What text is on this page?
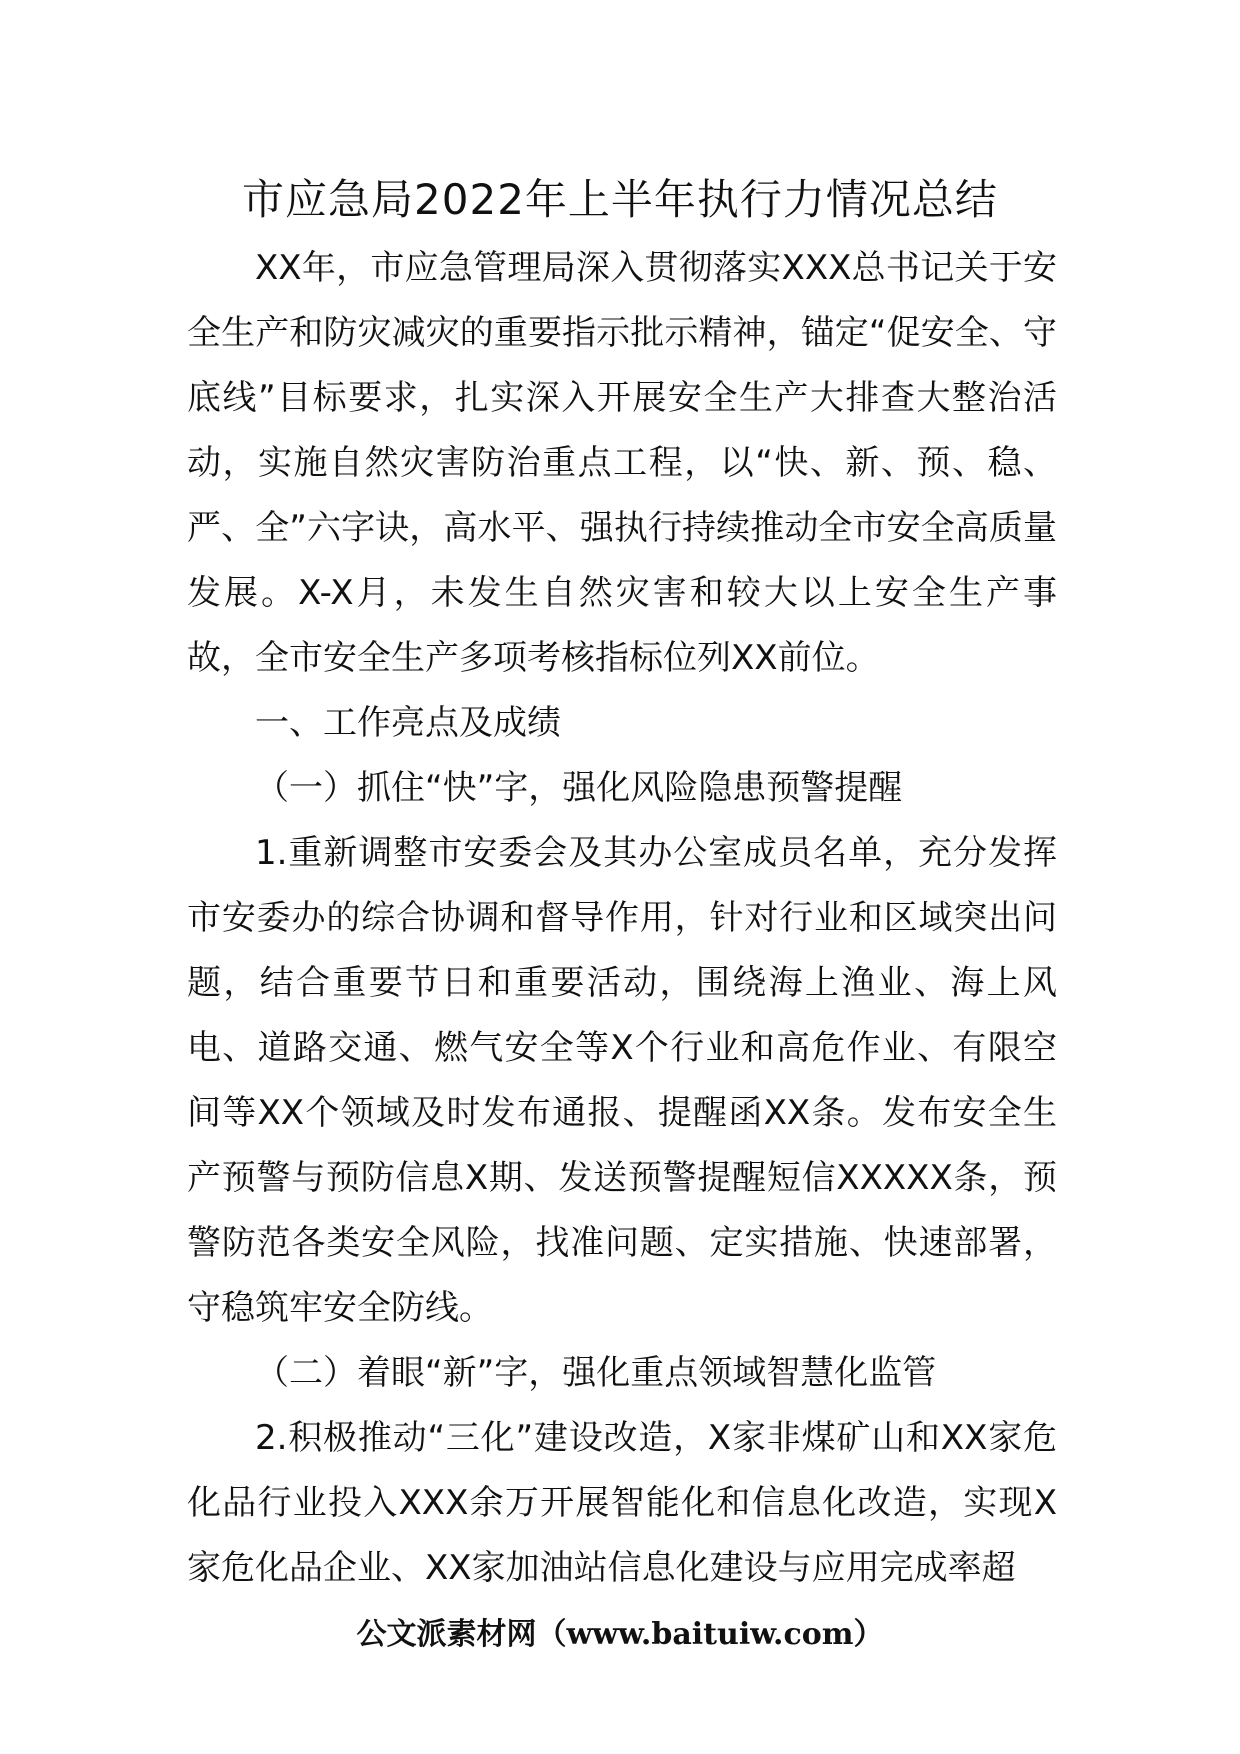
市应急局2022年上半年执行力情况总结

XX年，市应急管理局深入贯彻落实XXX总书记关于安全生产和防灾减灾的重要指示批示精神，锚定“促安全、守底线”目标要求，扎实深入开展安全生产大排查大整治活动，实施自然灾害防治重点工程，以“快、新、预、稳、严、全”六字诀，高水平、强执行持续推动全市安全高质量发展。X-X月，未发生自然灾害和较大以上安全生产事故，全市安全生产多项考核指标位列XX前位。

一、工作亮点及成绩

（一）抓住“快”字，强化风险隐患预警提醒

1.重新调整市安委会及其办公室成员名单，充分发挥市安委办的综合协调和督导作用，针对行业和区域突出问题，结合重要节日和重要活动，围绕海上渔业、海上风电、道路交通、燃气安全等X个行业和高危作业、有限空间等XX个领域及时发布通报、提醒函XX条。发布安全生产预警与预防信息X期、发送预警提醒短信XXXXX条，预警防范各类安全风险，找准问题、定实措施、快速部署，守稳筑牢安全防线。

（二）着眼“新”字，强化重点领域智慧化监管

2.积极推动“三化”建设改造，X家非煤矿山和XX家危化品行业投入XXX余万开展智能化和信息化改造，实现X家危化品企业、XX家加油站信息化建设与应用完成率超

公文派素材网（www.baituiw.com）
